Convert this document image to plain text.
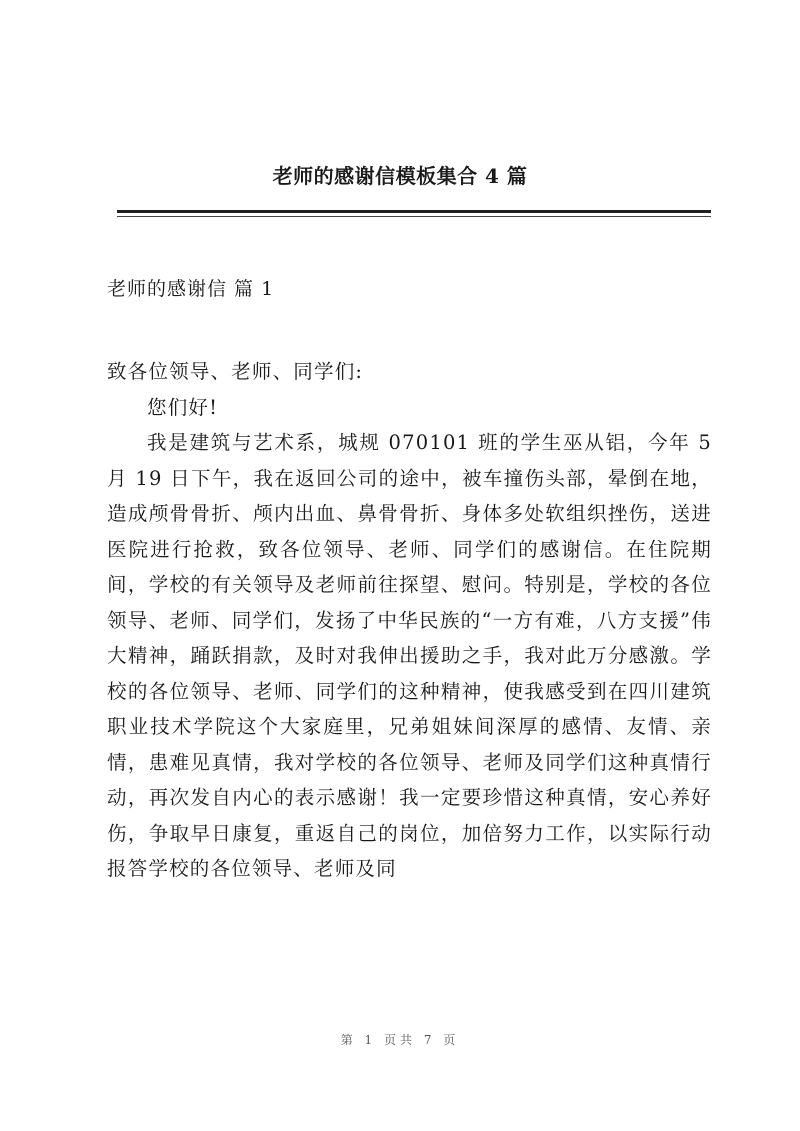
老师的感谢信模板集合 4 篇
老师的感谢信 篇 1

致各位领导、老师、同学们:

您们好!

我是建筑与艺术系，城规 070101 班的学生巫从铝，今年 5 月 19 日下午，我在返回公司的途中，被车撞伤头部，晕倒在地，造成颅骨骨折、颅内出血、鼻骨骨折、身体多处软组织挫伤，送进医院进行抢救，致各位领导、老师、同学们的感谢信。在住院期间，学校的有关领导及老师前往探望、慰问。特别是，学校的各位领导、老师、同学们，发扬了中华民族的“一方有难，八方支援”伟大精神，踊跃捐款，及时对我伸出援助之手，我对此万分感激。学校的各位领导、老师、同学们的这种精神，使我感受到在四川建筑职业技术学院这个大家庭里，兄弟姐妹间深厚的感情、友情、亲情，患难见真情，我对学校的各位领导、老师及同学们这种真情行动，再次发自内心的表示感谢！我一定要珍惜这种真情，安心养好伤，争取早日康复，重返自己的岗位，加倍努力工作，以实际行动报答学校的各位领导、老师及同

第 1 页共 7 页
